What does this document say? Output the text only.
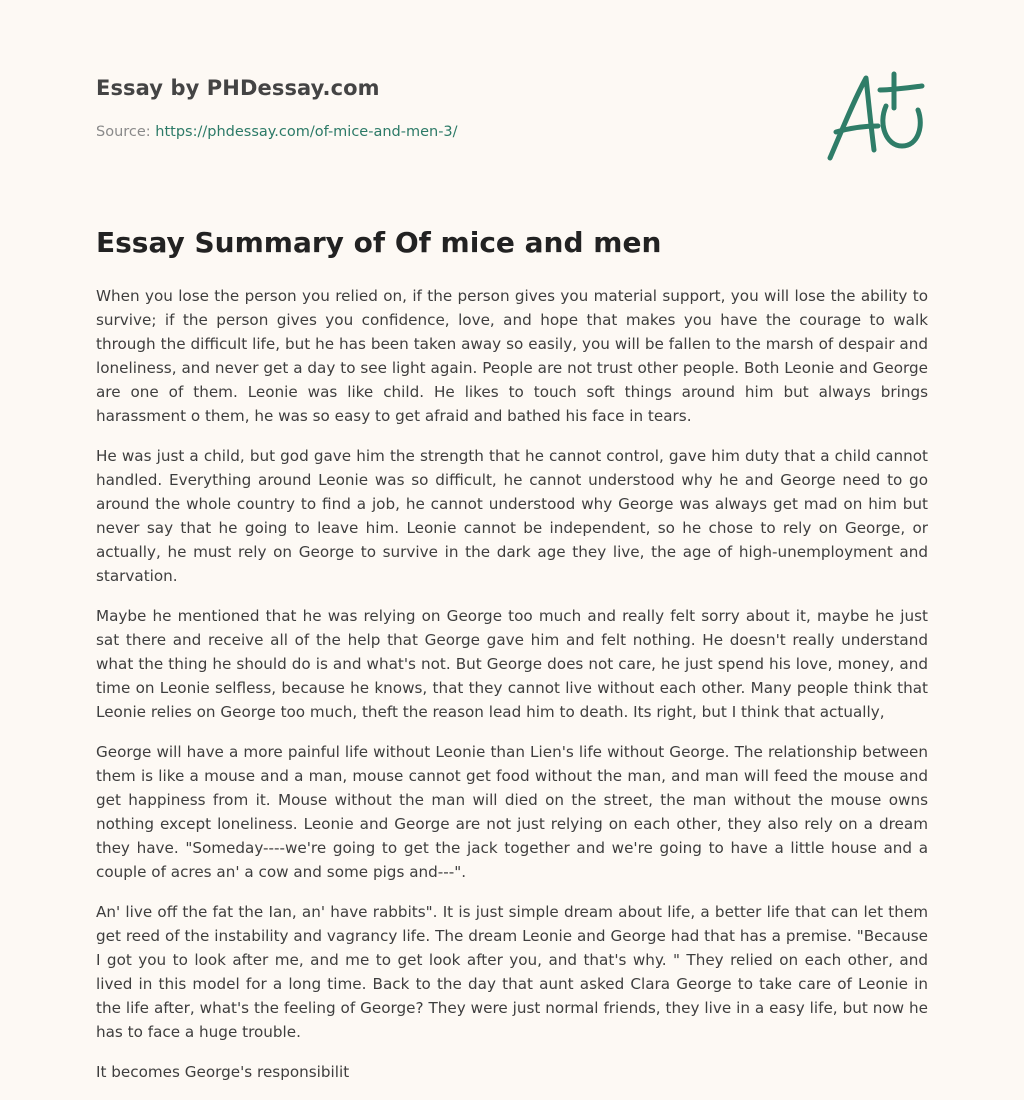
Essay by PHDessay.com
Source: https://phdessay.com/of-mice-and-men-3/
Essay Summary of Of mice and men

When you lose the person you relied on, if the person gives you material support, you will lose the ability to survive; if the person gives you confidence, love, and hope that makes you have the courage to walk through the difficult life, but he has been taken away so easily, you will be fallen to the marsh of despair and loneliness, and never get a day to see light again. People are not trust other people. Both Leonie and George are one of them. Leonie was like child. He likes to touch soft things around him but always brings harassment o them, he was so easy to get afraid and bathed his face in tears.

He was just a child, but god gave him the strength that he cannot control, gave him duty that a child cannot handled. Everything around Leonie was so difficult, he cannot understood why he and George need to go around the whole country to find a job, he cannot understood why George was always get mad on him but never say that he going to leave him. Leonie cannot be independent, so he chose to rely on George, or actually, he must rely on George to survive in the dark age they live, the age of high-unemployment and starvation.

Maybe he mentioned that he was relying on George too much and really felt sorry about it, maybe he just sat there and receive all of the help that George gave him and felt nothing. He doesn't really understand what the thing he should do is and what's not. But George does not care, he just spend his love, money, and time on Leonie selfless, because he knows, that they cannot live without each other. Many people think that Leonie relies on George too much, theft the reason lead him to death. Its right, but I think that actually,

George will have a more painful life without Leonie than Lien's life without George. The relationship between them is like a mouse and a man, mouse cannot get food without the man, and man will feed the mouse and get happiness from it. Mouse without the man will died on the street, the man without the mouse owns nothing except loneliness. Leonie and George are not just relying on each other, they also rely on a dream they have. "Someday----we're going to get the jack together and we're going to have a little house and a couple of acres an' a cow and some pigs and---".

An' live off the fat the Ian, an' have rabbits". It is just simple dream about life, a better life that can let them get reed of the instability and vagrancy life. The dream Leonie and George had that has a premise. "Because I got you to look after me, and me to get look after you, and that's why. " They relied on each other, and lived in this model for a long time. Back to the day that aunt asked Clara George to take care of Leonie in the life after, what's the feeling of George? They were just normal friends, they live in a easy life, but now he has to face a huge trouble.

It becomes George's responsibilit
